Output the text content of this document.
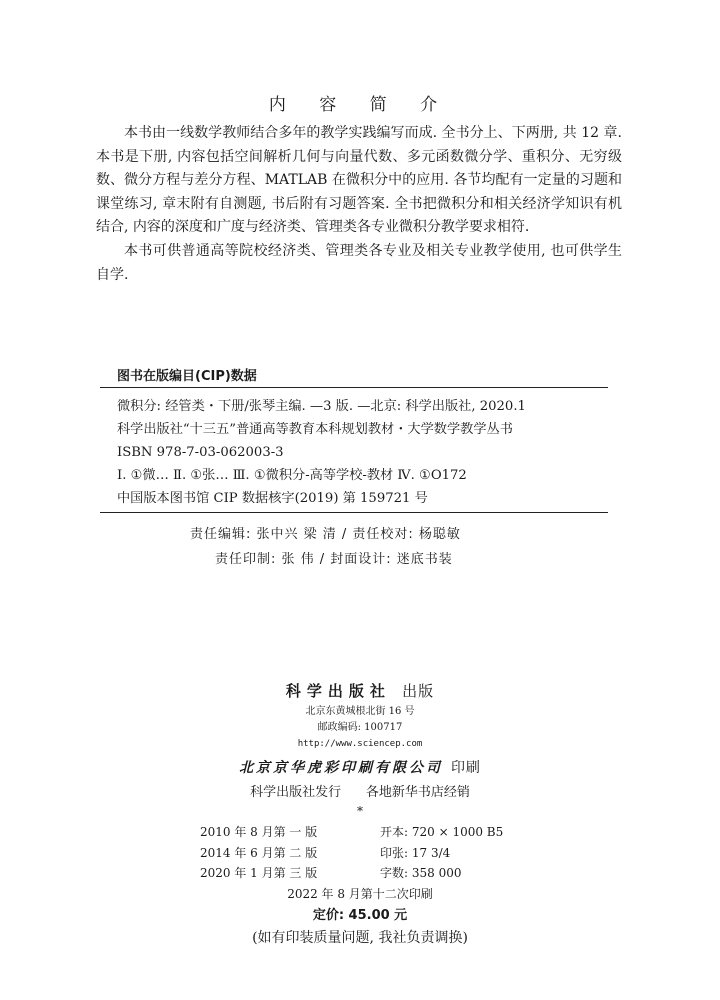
内 容 简 介

本书由一线数学教师结合多年的教学实践编写而成. 全书分上、下两册, 共 12 章. 本书是下册, 内容包括空间解析几何与向量代数、多元函数微分学、重积分、无穷级数、微分方程与差分方程、MATLAB 在微积分中的应用. 各节均配有一定量的习题和课堂练习, 章末附有自测题, 书后附有习题答案. 全书把微积分和相关经济学知识有机结合, 内容的深度和广度与经济类、管理类各专业微积分教学要求相符.

本书可供普通高等院校经济类、管理类各专业及相关专业教学使用, 也可供学生自学.

图书在版编目(CIP)数据
微积分: 经管类・下册/张琴主编. —3 版. —北京: 科学出版社, 2020.1
科学出版社“十三五”普通高等教育本科规划教材・大学数学教学丛书
ISBN 978-7-03-062003-3
Ⅰ. ①微… Ⅱ. ①张… Ⅲ. ①微积分-高等学校-教材 Ⅳ. ①O172
中国版本图书馆 CIP 数据核字(2019) 第 159721 号
责任编辑: 张中兴 梁 清 / 责任校对: 杨聪敏
责任印制: 张 伟 / 封面设计: 迷底书装
科学出版社 出版
北京东黄城根北街 16 号
邮政编码: 100717
http://www.sciencep.com
北京京华虎彩印刷有限公司 印刷
科学出版社发行      各地新华书店经销
*
2010 年 8 月第 一 版	开本: 720 × 1000 B5
2014 年 6 月第 二 版	印张: 17 3/4
2020 年 1 月第 三 版	字数: 358 000
2022 年 8 月第十二次印刷
定价: 45.00 元
(如有印装质量问题, 我社负责调换)
